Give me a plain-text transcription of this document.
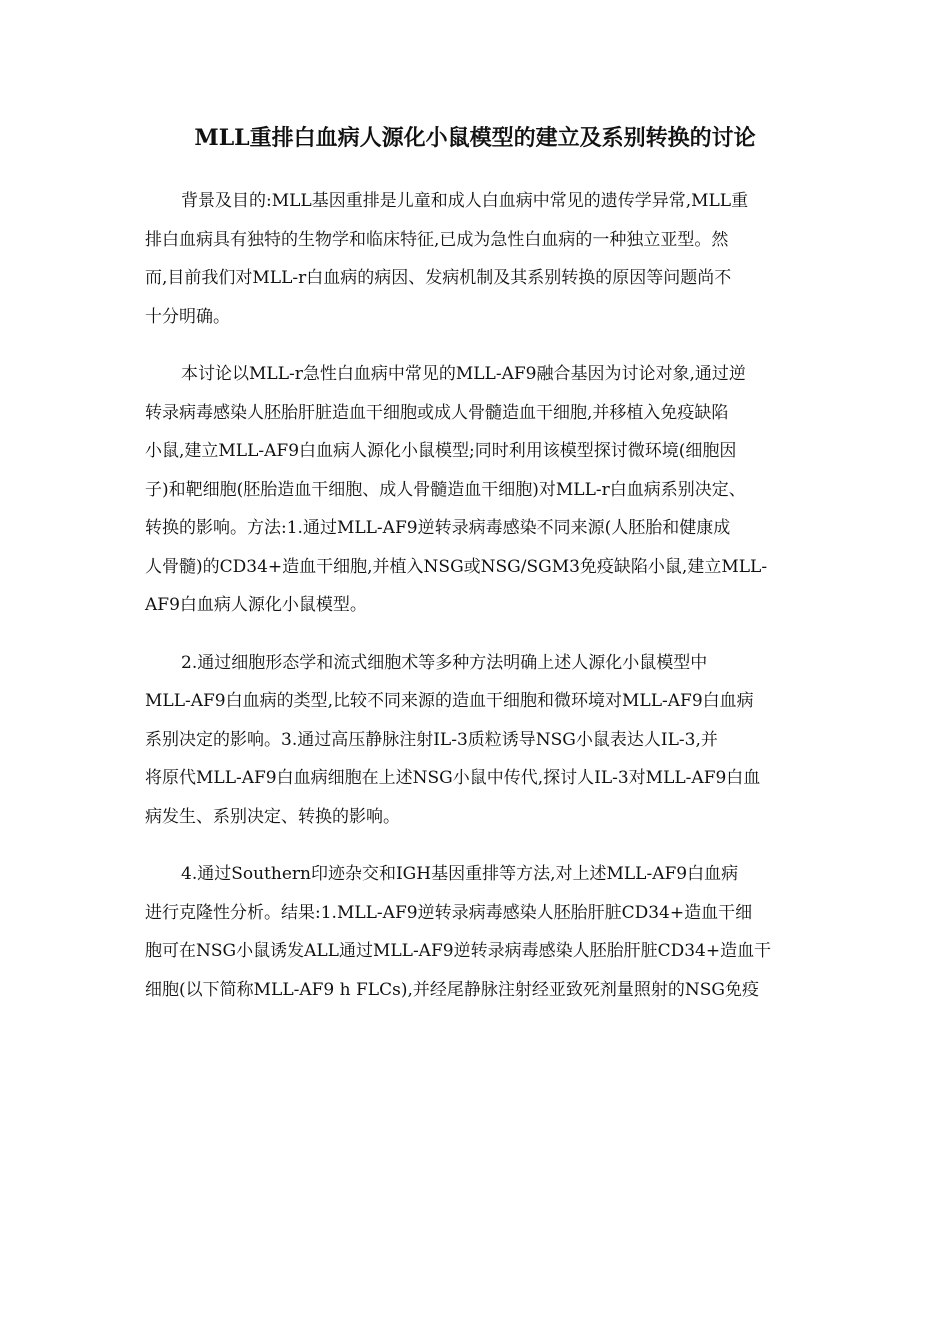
MLL重排白血病人源化小鼠模型的建立及系别转换的讨论
背景及目的:MLL基因重排是儿童和成人白血病中常见的遗传学异常,MLL重
排白血病具有独特的生物学和临床特征,已成为急性白血病的一种独立亚型。然
而,目前我们对MLL-r白血病的病因、发病机制及其系别转换的原因等问题尚不
十分明确。
本讨论以MLL-r急性白血病中常见的MLL-AF9融合基因为讨论对象,通过逆
转录病毒感染人胚胎肝脏造血干细胞或成人骨髓造血干细胞,并移植入免疫缺陷
小鼠,建立MLL-AF9白血病人源化小鼠模型;同时利用该模型探讨微环境(细胞因
子)和靶细胞(胚胎造血干细胞、成人骨髓造血干细胞)对MLL-r白血病系别决定、
转换的影响。方法:1.通过MLL-AF9逆转录病毒感染不同来源(人胚胎和健康成
人骨髓)的CD34+造血干细胞,并植入NSG或NSG/SGM3免疫缺陷小鼠,建立MLL-
AF9白血病人源化小鼠模型。
2.通过细胞形态学和流式细胞术等多种方法明确上述人源化小鼠模型中
MLL-AF9白血病的类型,比较不同来源的造血干细胞和微环境对MLL-AF9白血病
系别决定的影响。3.通过高压静脉注射IL-3质粒诱导NSG小鼠表达人IL-3,并
将原代MLL-AF9白血病细胞在上述NSG小鼠中传代,探讨人IL-3对MLL-AF9白血
病发生、系别决定、转换的影响。
4.通过Southern印迹杂交和IGH基因重排等方法,对上述MLL-AF9白血病
进行克隆性分析。结果:1.MLL-AF9逆转录病毒感染人胚胎肝脏CD34+造血干细
胞可在NSG小鼠诱发ALL通过MLL-AF9逆转录病毒感染人胚胎肝脏CD34+造血干
细胞(以下简称MLL-AF9 h FLCs),并经尾静脉注射经亚致死剂量照射的NSG免疫
